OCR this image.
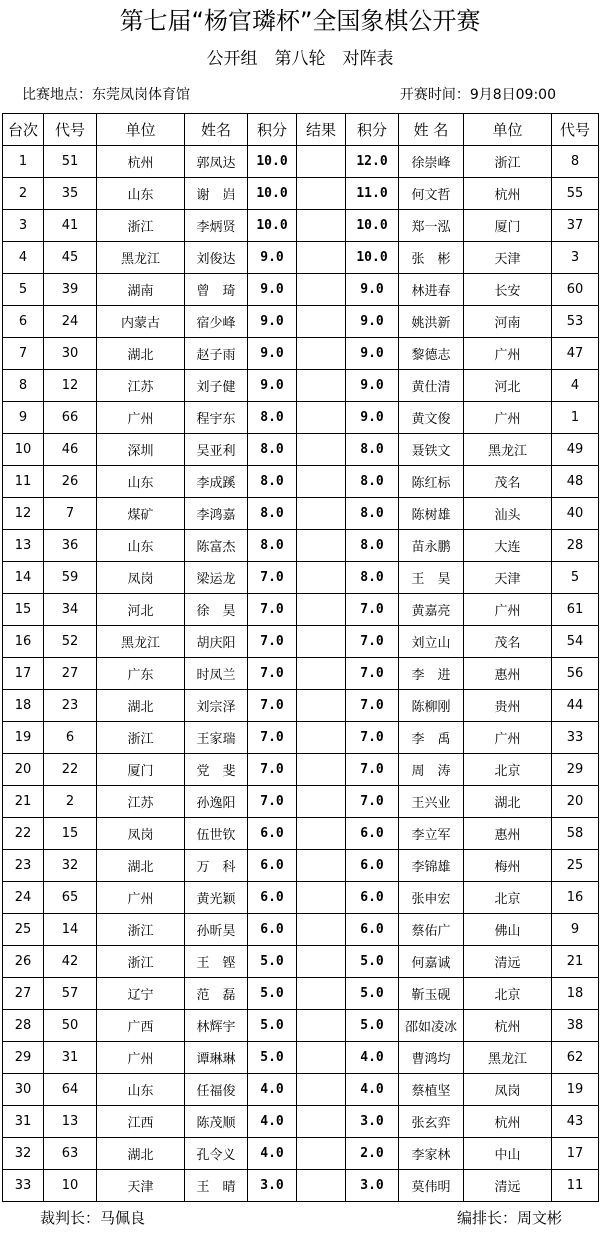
第七届“杨官璘杯”全国象棋公开赛
公开组　第八轮　对阵表
比赛地点：东莞凤岗体育馆	开赛时间：9月8日09:00
台次	代号	单位	姓名	积分	结果	积分	姓 名	单位	代号
1	51	杭州	郭凤达	10.0		12.0	徐崇峰	浙江	8
2	35	山东	谢　岿	10.0		11.0	何文哲	杭州	55
3	41	浙江	李炳贤	10.0		10.0	郑一泓	厦门	37
4	45	黑龙江	刘俊达	9.0		10.0	张　彬	天津	3
5	39	湖南	曾　琦	9.0		9.0	林进春	长安	60
6	24	内蒙古	宿少峰	9.0		9.0	姚洪新	河南	53
7	30	湖北	赵子雨	9.0		9.0	黎德志	广州	47
8	12	江苏	刘子健	9.0		9.0	黄仕清	河北	4
9	66	广州	程宇东	8.0		9.0	黄文俊	广州	1
10	46	深圳	吴亚利	8.0		8.0	聂铁文	黑龙江	49
11	26	山东	李成蹊	8.0		8.0	陈红标	茂名	48
12	7	煤矿	李鸿嘉	8.0		8.0	陈树雄	汕头	40
13	36	山东	陈富杰	8.0		8.0	苗永鹏	大连	28
14	59	凤岗	梁运龙	7.0		8.0	王　昊	天津	5
15	34	河北	徐　昊	7.0		7.0	黄嘉亮	广州	61
16	52	黑龙江	胡庆阳	7.0		7.0	刘立山	茂名	54
17	27	广东	时凤兰	7.0		7.0	李　进	惠州	56
18	23	湖北	刘宗泽	7.0		7.0	陈柳刚	贵州	44
19	6	浙江	王家瑞	7.0		7.0	李　禹	广州	33
20	22	厦门	党　斐	7.0		7.0	周　涛	北京	29
21	2	江苏	孙逸阳	7.0		7.0	王兴业	湖北	20
22	15	凤岗	伍世钦	6.0		6.0	李立军	惠州	58
23	32	湖北	万　科	6.0		6.0	李锦雄	梅州	25
24	65	广州	黄光颖	6.0		6.0	张申宏	北京	16
25	14	浙江	孙昕昊	6.0		6.0	蔡佑广	佛山	9
26	42	浙江	王　铿	5.0		5.0	何嘉诚	清远	21
27	57	辽宁	范　磊	5.0		5.0	靳玉砚	北京	18
28	50	广西	林辉宇	5.0		5.0	邵如凌冰	杭州	38
29	31	广州	谭琳琳	5.0		4.0	曹鸿均	黑龙江	62
30	64	山东	任福俊	4.0		4.0	蔡植坚	凤岗	19
31	13	江西	陈茂顺	4.0		3.0	张玄弈	杭州	43
32	63	湖北	孔令义	4.0		2.0	李家林	中山	17
33	10	天津	王　晴	3.0		3.0	莫伟明	清远	11
裁判长：马佩良	编排长：周文彬
